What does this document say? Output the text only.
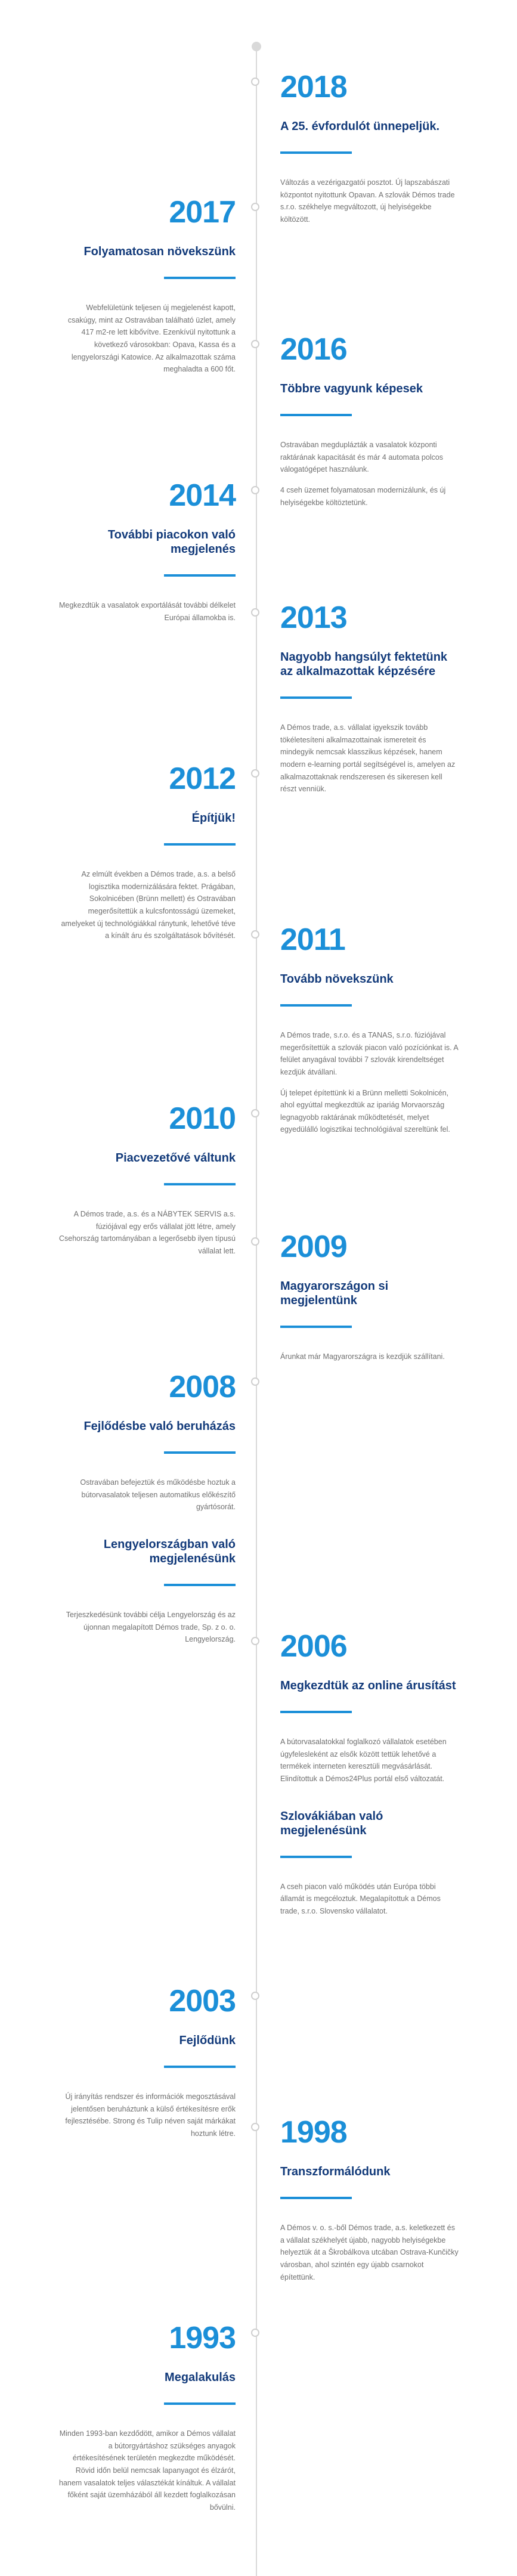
2018
A 25. évfordulót ünnepeljük.

Változás a vezérigazgatói posztot. Új lapszabászati központot nyitottunk Opavan. A szlovák Démos trade s.r.o. székhelye megváltozott, új helyiségekbe költözött.

2017
Folyamatosan növekszünk

Webfelületünk teljesen új megjelenést kapott, csakúgy, mint az Ostravában található üzlet, amely 417 m2-re lett kibővítve. Ezenkívül nyitottunk a következő városokban: Opava, Kassa és a lengyelországi Katowice. Az alkalmazottak száma meghaladta a 600 főt.

2016
Többre vagyunk képesek

Ostravában megduplázták a vasalatok központi raktárának kapacitását és már 4 automata polcos válogatógépet használunk.

4 cseh üzemet folyamatosan modernizálunk, és új helyiségekbe költöztetünk.

2014
További piacokon való megjelenés

Megkezdtük a vasalatok exportálását további délkelet Európai államokba is. 2013
Nagyobb hangsúlyt fektetünk az alkalmazottak képzésére

A Démos trade, a.s. vállalat igyekszik tovább tökéletesíteni alkalmazottainak ismereteit és mindegyik nemcsak klasszikus képzések, hanem modern e-learning portál segítségével is, amelyen az alkalmazottaknak rendszeresen és sikeresen kell részt venniük.

2012
Építjük!

Az elmúlt években a Démos trade, a.s. a belső logisztika modernizálására fektet. Prágában, Sokolnicében (Brünn mellett) és Ostravában megerősítettük a kulcsfontosságú üzemeket, amelyeket új technológiákkal ránytunk, lehetővé téve a kínált áru és szolgáltatások bővítését. 2011
Tovább növekszünk

A Démos trade, s.r.o. és a TANAS, s.r.o. fúziójával megerősítettük a szlovák piacon való pozíciónkat is. A felület anyagával további 7 szlovák kirendeltséget kezdjük átvállani.

Új telepet építettünk ki a Brünn melletti Sokolnicén, ahol egyúttal megkezdtük az ipariág Morvaország legnagyobb raktárának működtetését, melyet egyedülálló logisztikai technológiával szereltünk fel.

2010
Piacvezetővé váltunk

A Démos trade, a.s. és a NÁBYTEK SERVIS a.s. fúziójával egy erős vállalat jött létre, amely Csehország tartományában a legerősebb ilyen típusú vállalat lett. 2009
Magyarországon si megjelentünk

Árunkat már Magyarországra is kezdjük szállítani.

2008
Fejlődésbe való beruházás

Ostravában befejeztük és működésbe hoztuk a bútorvasalatok teljesen automatikus előkészítő gyártósorát.

Lengyelországban való megjelenésünk

Terjeszkedésünk további célja Lengyelország és az újonnan megalapított Démos trade, Sp. z o. o. Lengyelország. 2006
Megkezdtük az online árusítást

A bútorvasalatokkal foglalkozó vállalatok esetében úgyfelesleként az elsők között tettük lehetővé a termékek interneten keresztüli megvásárlását. Elindítottuk a Démos24Plus portál első változatát.

Szlovákiában való megjelenésünk

A cseh piacon való működés után Európa többi államát is megcéloztuk. Megalapítottuk a Démos trade, s.r.o. Slovensko vállalatot.

2003
Fejlődünk

Új irányítás rendszer és információk megosztásával jelentősen beruháztunk a külső értékesítésre erők fejlesztésébe. Strong és Tulip néven saját márkákat hoztunk létre. 1998
Transzformálódunk

A Démos v. o. s.-ből Démos trade, a.s. keletkezett és a vállalat székhelyét újabb, nagyobb helyiségekbe helyeztük át a Škrobálkova utcában Ostrava-Kunčičky városban, ahol szintén egy újabb csarnokot építettünk.

1993
Megalakulás

Minden 1993-ban kezdődött, amikor a Démos vállalat a bútorgyártáshoz szükséges anyagok értékesítésének területén megkezdte működését. Rövid időn belül nemcsak lapanyagot és élzárót, hanem vasalatok teljes választékát kínáltuk. A vállalat főként saját üzemházából áll kezdett foglalkozásan bővülni.
